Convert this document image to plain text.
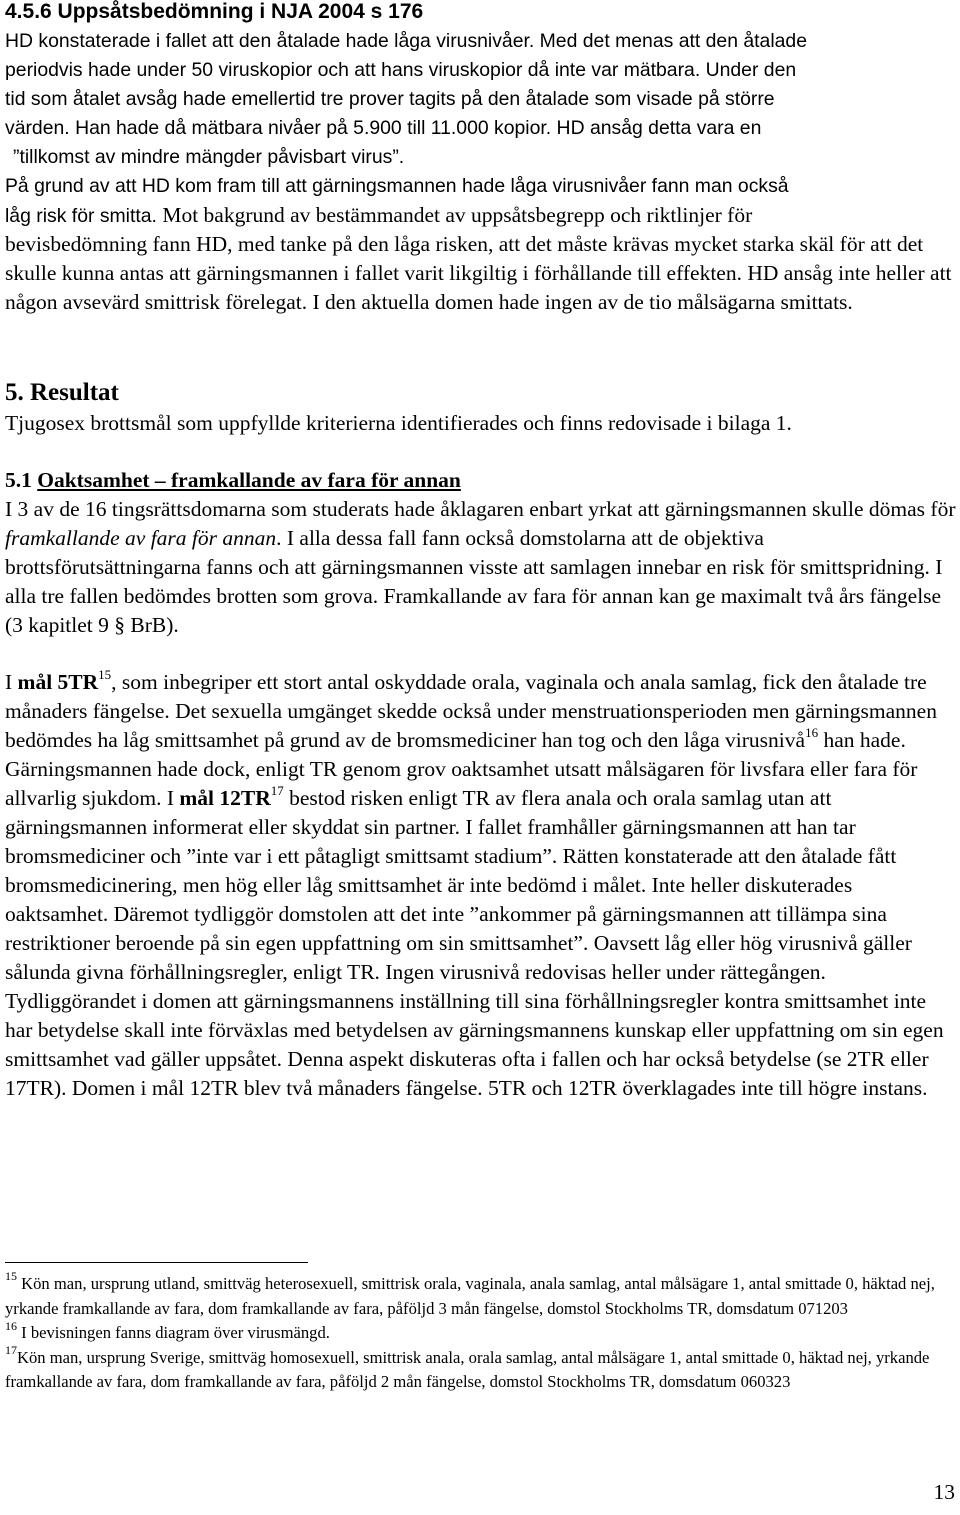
4.5.6 Uppsåtsbedömning i NJA 2004 s 176

HD konstaterade i fallet att den åtalade hade låga virusnivåer. Med det menas att den åtalade

periodvis hade under 50 viruskopior och att hans viruskopior då inte var mätbara. Under den

tid som åtalet avsåg hade emellertid tre prover tagits på den åtalade som visade på större

värden. Han hade då mätbara nivåer på 5.900 till 11.000 kopior. HD ansåg detta vara en

”tillkomst av mindre mängder påvisbart virus”.

På grund av att HD kom fram till att gärningsmannen hade låga virusnivåer fann man också

låg risk för smitta. Mot bakgrund av bestämmandet av uppsåtsbegrepp och riktlinjer för

bevisbedömning fann HD, med tanke på den låga risken, att det måste krävas mycket starka skäl för att det skulle kunna antas att gärningsmannen i fallet varit likgiltig i förhållande till effekten. HD ansåg inte heller att någon avsevärd smittrisk förelegat. I den aktuella domen hade ingen av de tio målsägarna smittats.

5. Resultat
Tjugosex brottsmål som uppfyllde kriterierna identifierades och finns redovisade i bilaga 1.
5.1 Oaktsamhet – framkallande av fara för annan

I 3 av de 16 tingsrättsdomarna som studerats hade åklagaren enbart yrkat att gärningsmannen skulle dömas för framkallande av fara för annan. I alla dessa fall fann också domstolarna att de objektiva brottsförutsättningarna fanns och att gärningsmannen visste att samlagen innebar en risk för smittspridning. I alla tre fallen bedömdes brotten som grova. Framkallande av fara för annan kan ge maximalt två års fängelse (3 kapitlet 9 § BrB).

I mål 5TR$^{15}$, som inbegriper ett stort antal oskyddade orala, vaginala och anala samlag, fick den åtalade tre månaders fängelse. Det sexuella umgänget skedde också under menstruationsperioden men gärningsmannen bedömdes ha låg smittsamhet på grund av de bromsmediciner han tog och den låga virusnivå$^{16}$ han hade. Gärningsmannen hade dock, enligt TR genom grov oaktsamhet utsatt målsägaren för livsfara eller fara för allvarlig sjukdom. I mål 12TR$^{17}$ bestod risken enligt TR av flera anala och orala samlag utan att gärningsmannen informerat eller skyddat sin partner. I fallet framhåller gärningsmannen att han tar bromsmediciner och ”inte var i ett påtagligt smittsamt stadium”. Rätten konstaterade att den åtalade fått bromsmedicinering, men hög eller låg smittsamhet är inte bedömd i målet. Inte heller diskuterades oaktsamhet. Däremot tydliggör domstolen att det inte ”ankommer på gärningsmannen att tillämpa sina restriktioner beroende på sin egen uppfattning om sin smittsamhet”. Oavsett låg eller hög virusnivå gäller sålunda givna förhållningsregler, enligt TR. Ingen virusnivå redovisas heller under rättegången. Tydliggörandet i domen att gärningsmannens inställning till sina förhållningsregler kontra smittsamhet inte har betydelse skall inte förväxlas med betydelsen av gärningsmannens kunskap eller uppfattning om sin egen smittsamhet vad gäller uppsåtet. Denna aspekt diskuteras ofta i fallen och har också betydelse (se 2TR eller 17TR). Domen i mål 12TR blev två månaders fängelse. 5TR och 12TR överklagades inte till högre instans.

$^{15}$ Kön man, ursprung utland, smittväg heterosexuell, smittrisk orala, vaginala, anala samlag, antal målsägare 1, antal smittade 0, häktad nej, yrkande framkallande av fara, dom framkallande av fara, påföljd 3 mån fängelse, domstol Stockholms TR, domsdatum 071203

$^{16}$ I bevisningen fanns diagram över virusmängd.

$^{17}$Kön man, ursprung Sverige, smittväg homosexuell, smittrisk anala, orala samlag, antal målsägare 1, antal smittade 0, häktad nej, yrkande framkallande av fara, dom framkallande av fara, påföljd 2 mån fängelse, domstol Stockholms TR, domsdatum 060323

13
